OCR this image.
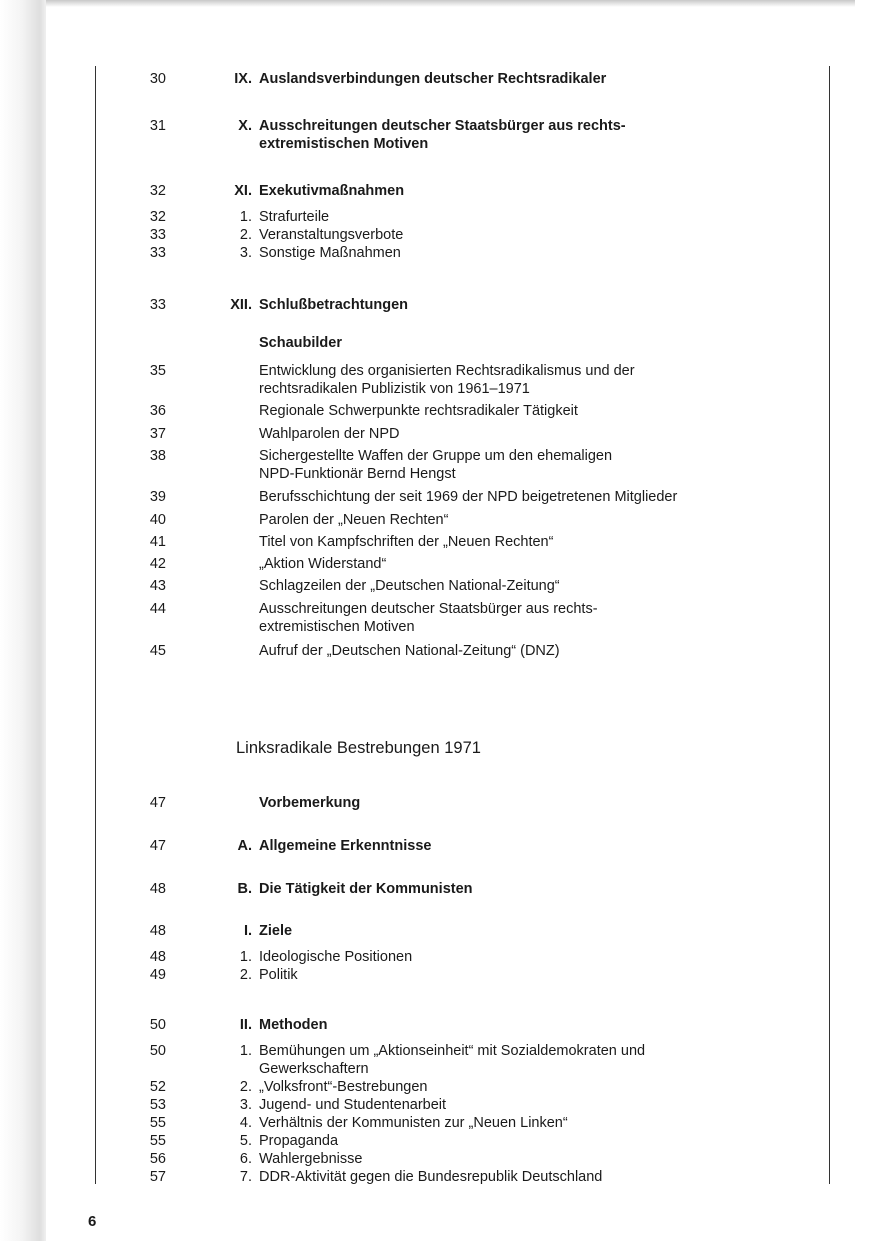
30	IX. Auslandsverbindungen deutscher Rechtsradikaler
31	X. Ausschreitungen deutscher Staatsbürger aus rechts-
extremistischen Motiven
32	XI. Exekutivmaßnahmen
32	1. Strafurteile
33	2. Veranstaltungsverbote
33	3. Sonstige Maßnahmen
33	XII. Schlußbetrachtungen
Schaubilder
35	Entwicklung des organisierten Rechtsradikalismus und der
rechtsradikalen Publizistik von 1961–1971
36	Regionale Schwerpunkte rechtsradikaler Tätigkeit
37	Wahlparolen der NPD
38	Sichergestellte Waffen der Gruppe um den ehemaligen
NPD-Funktionär Bernd Hengst
39	Berufsschichtung der seit 1969 der NPD beigetretenen Mitglieder
40	Parolen der „Neuen Rechten“
41	Titel von Kampfschriften der „Neuen Rechten“
42	„Aktion Widerstand“
43	Schlagzeilen der „Deutschen National-Zeitung“
44	Ausschreitungen deutscher Staatsbürger aus rechts-
extremistischen Motiven
45	Aufruf der „Deutschen National-Zeitung“ (DNZ)
Linksradikale Bestrebungen 1971
47	Vorbemerkung
47	A. Allgemeine Erkenntnisse
48	B. Die Tätigkeit der Kommunisten
48	I. Ziele
48	1. Ideologische Positionen
49	2. Politik
50	II. Methoden
50	1. Bemühungen um „Aktionseinheit“ mit Sozialdemokraten und
Gewerkschaftern
52	2. „Volksfront“-Bestrebungen
53	3. Jugend- und Studentenarbeit
55	4. Verhältnis der Kommunisten zur „Neuen Linken“
55	5. Propaganda
56	6. Wahlergebnisse
57	7. DDR-Aktivität gegen die Bundesrepublik Deutschland
6
